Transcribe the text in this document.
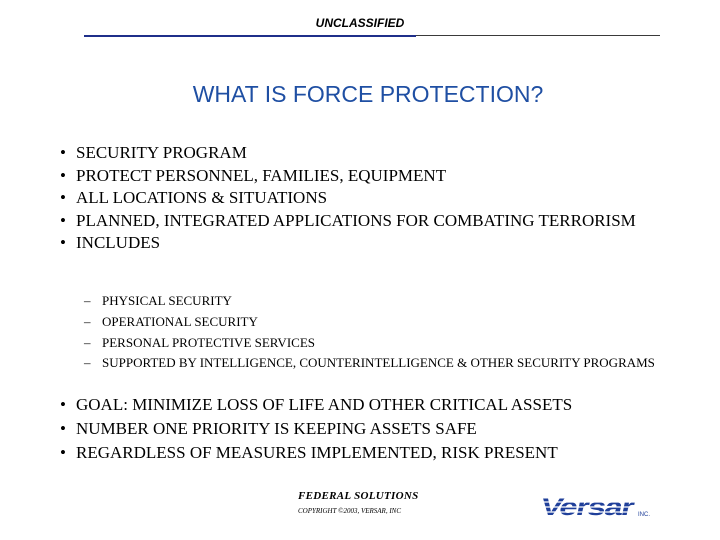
UNCLASSIFIED
WHAT IS FORCE PROTECTION?
• SECURITY PROGRAM
• PROTECT PERSONNEL, FAMILIES, EQUIPMENT
• ALL LOCATIONS & SITUATIONS
• PLANNED, INTEGRATED APPLICATIONS FOR COMBATING TERRORISM
• INCLUDES
– PHYSICAL SECURITY
– OPERATIONAL SECURITY
– PERSONAL PROTECTIVE SERVICES
– SUPPORTED BY INTELLIGENCE, COUNTERINTELLIGENCE & OTHER SECURITY PROGRAMS
• GOAL: MINIMIZE LOSS OF LIFE AND OTHER CRITICAL ASSETS
• NUMBER ONE PRIORITY IS KEEPING ASSETS SAFE
• REGARDLESS OF MEASURES IMPLEMENTED, RISK PRESENT
FEDERAL SOLUTIONS
COPYRIGHT ©2003, VERSAR, INC	Versar	INC.
